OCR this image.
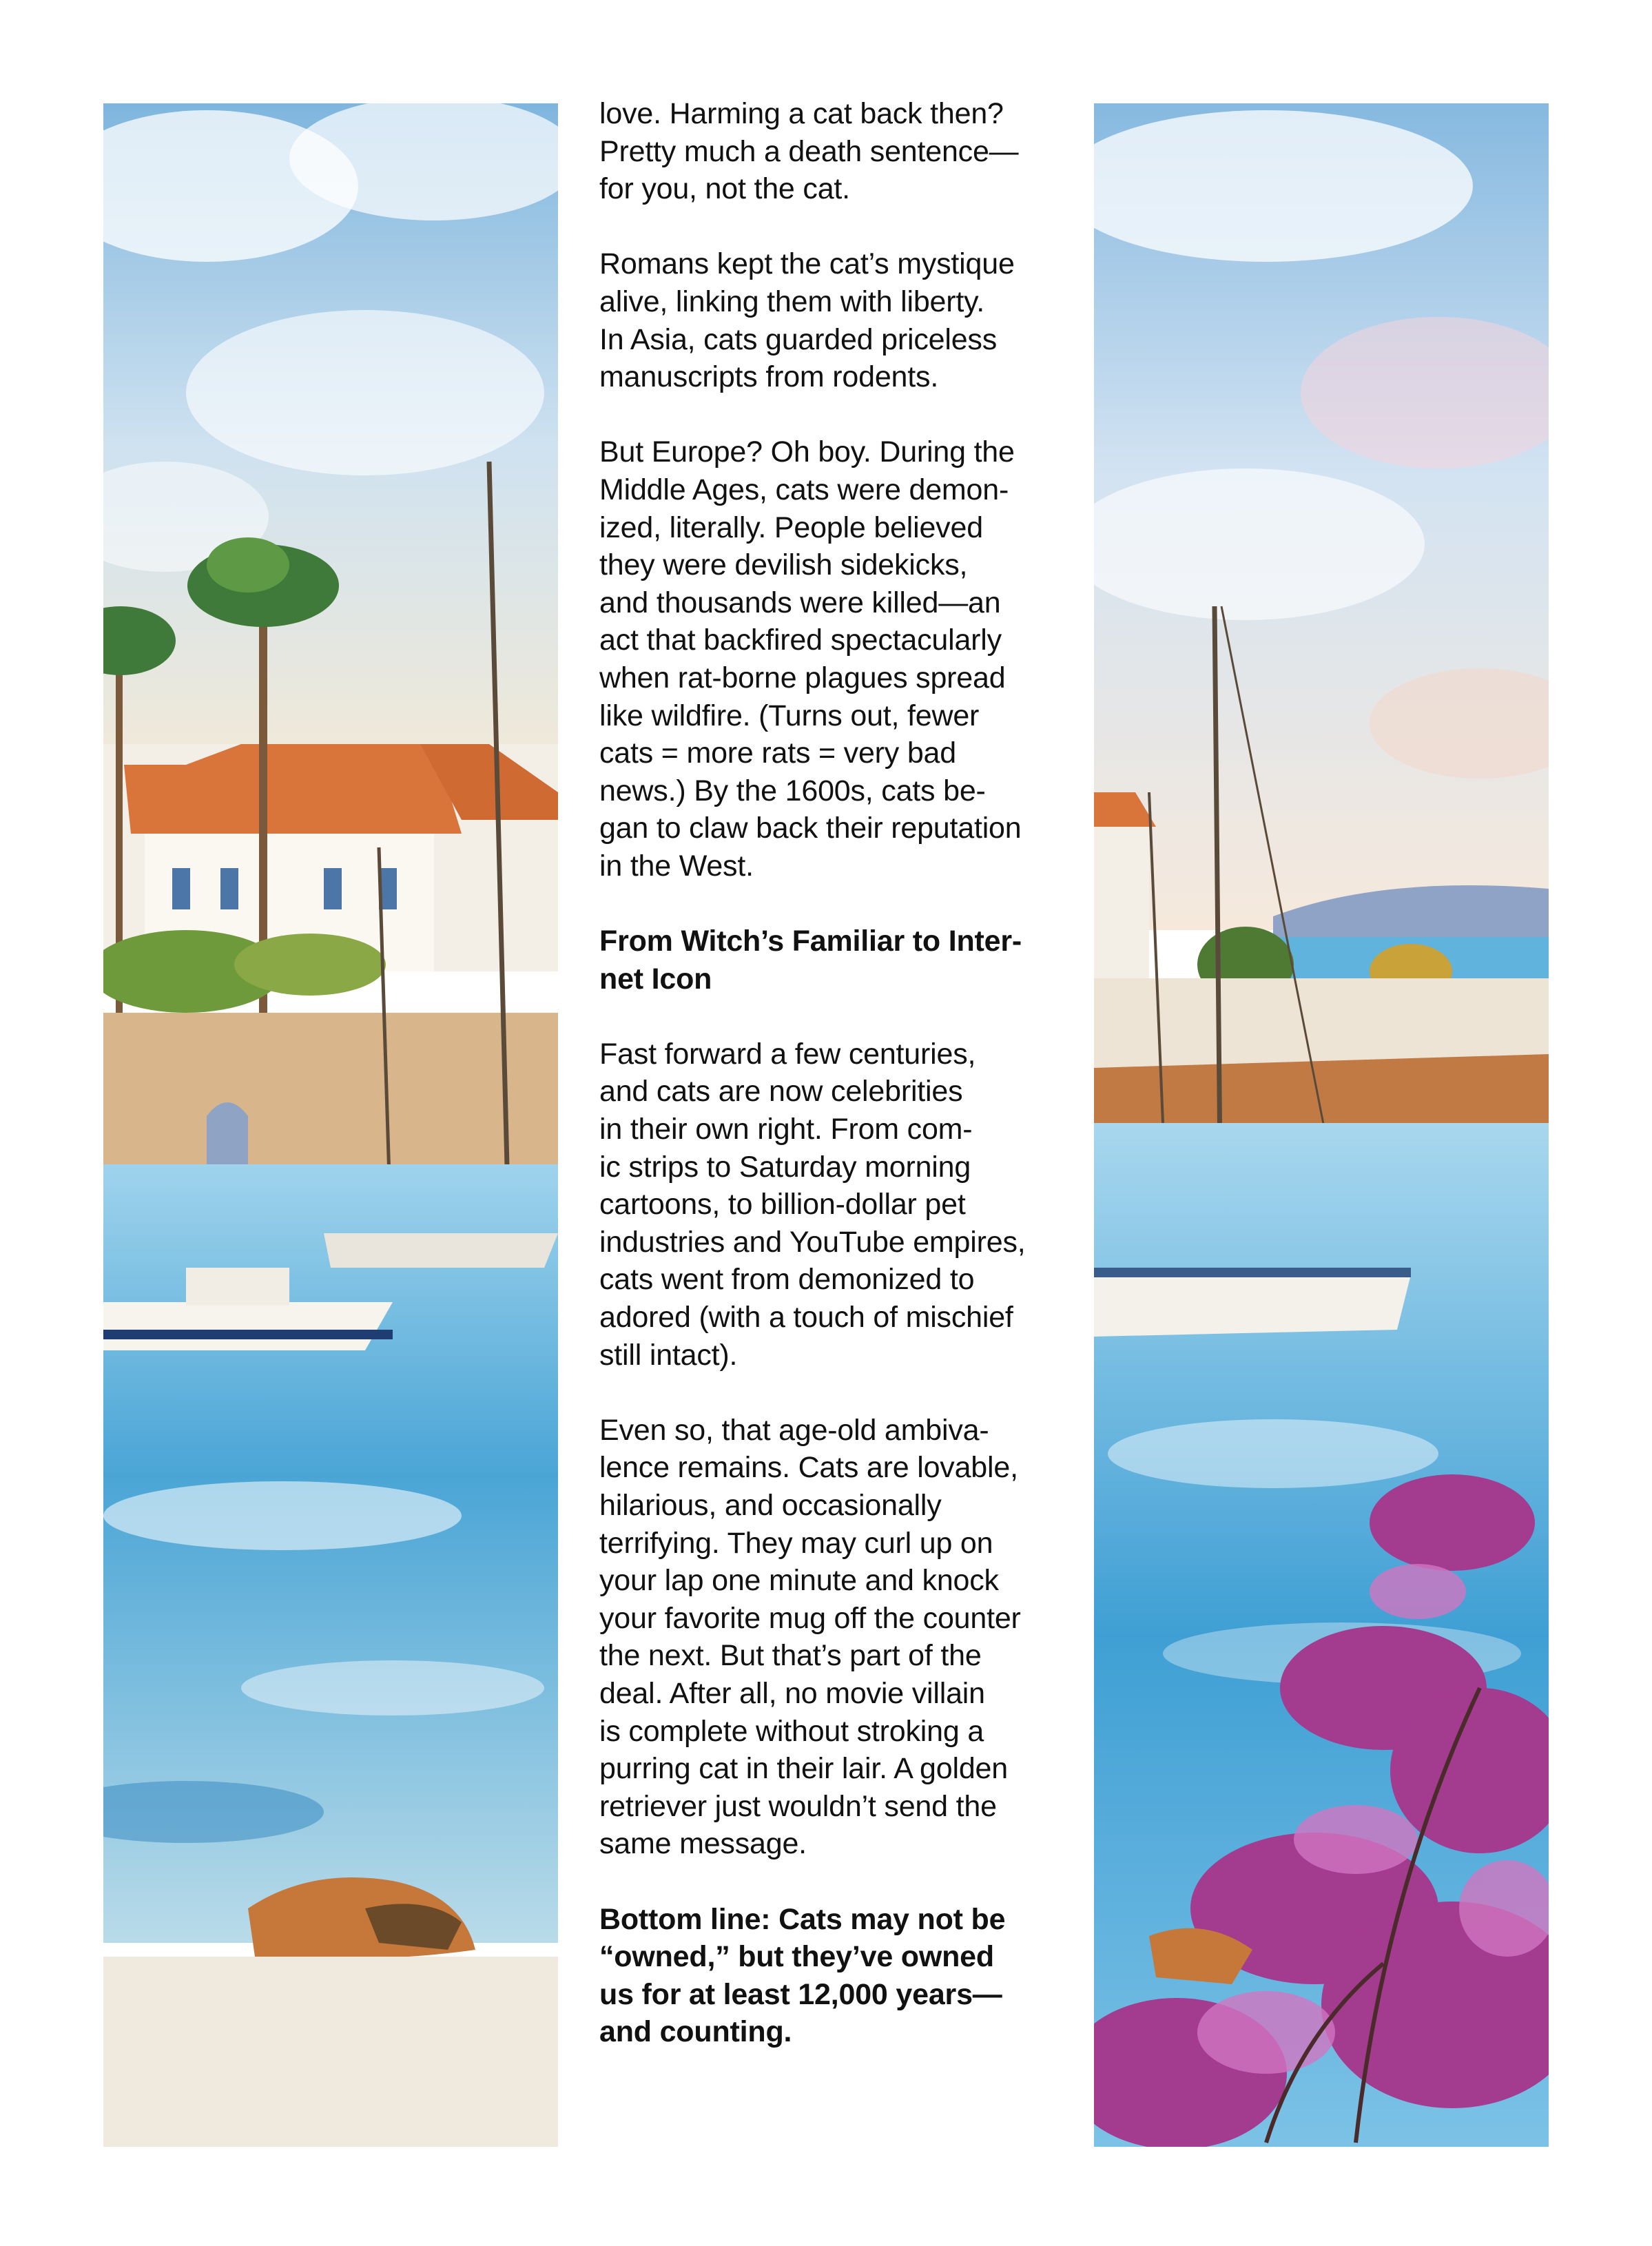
love. Harming a cat back then?
Pretty much a death sentence—
for you, not the cat.

Romans kept the cat’s mystique
alive, linking them with liberty.
In Asia, cats guarded priceless
manuscripts from rodents.

But Europe? Oh boy. During the
Middle Ages, cats were demon-
ized, literally. People believed
they were devilish sidekicks,
and thousands were killed—an
act that backfired spectacularly
when rat-borne plagues spread
like wildfire. (Turns out, fewer
cats = more rats = very bad
news.) By the 1600s, cats be-
gan to claw back their reputation
in the West.

From Witch’s Familiar to Inter-
net Icon

Fast forward a few centuries,
and cats are now celebrities
in their own right. From com-
ic strips to Saturday morning
cartoons, to billion-dollar pet
industries and YouTube empires,
cats went from demonized to
adored (with a touch of mischief
still intact).

Even so, that age-old ambiva-
lence remains. Cats are lovable,
hilarious, and occasionally
terrifying. They may curl up on
your lap one minute and knock
your favorite mug off the counter
the next. But that’s part of the
deal. After all, no movie villain
is complete without stroking a
purring cat in their lair. A golden
retriever just wouldn’t send the
same message.

Bottom line: Cats may not be
“owned,” but they’ve owned
us for at least 12,000 years—
and counting.
